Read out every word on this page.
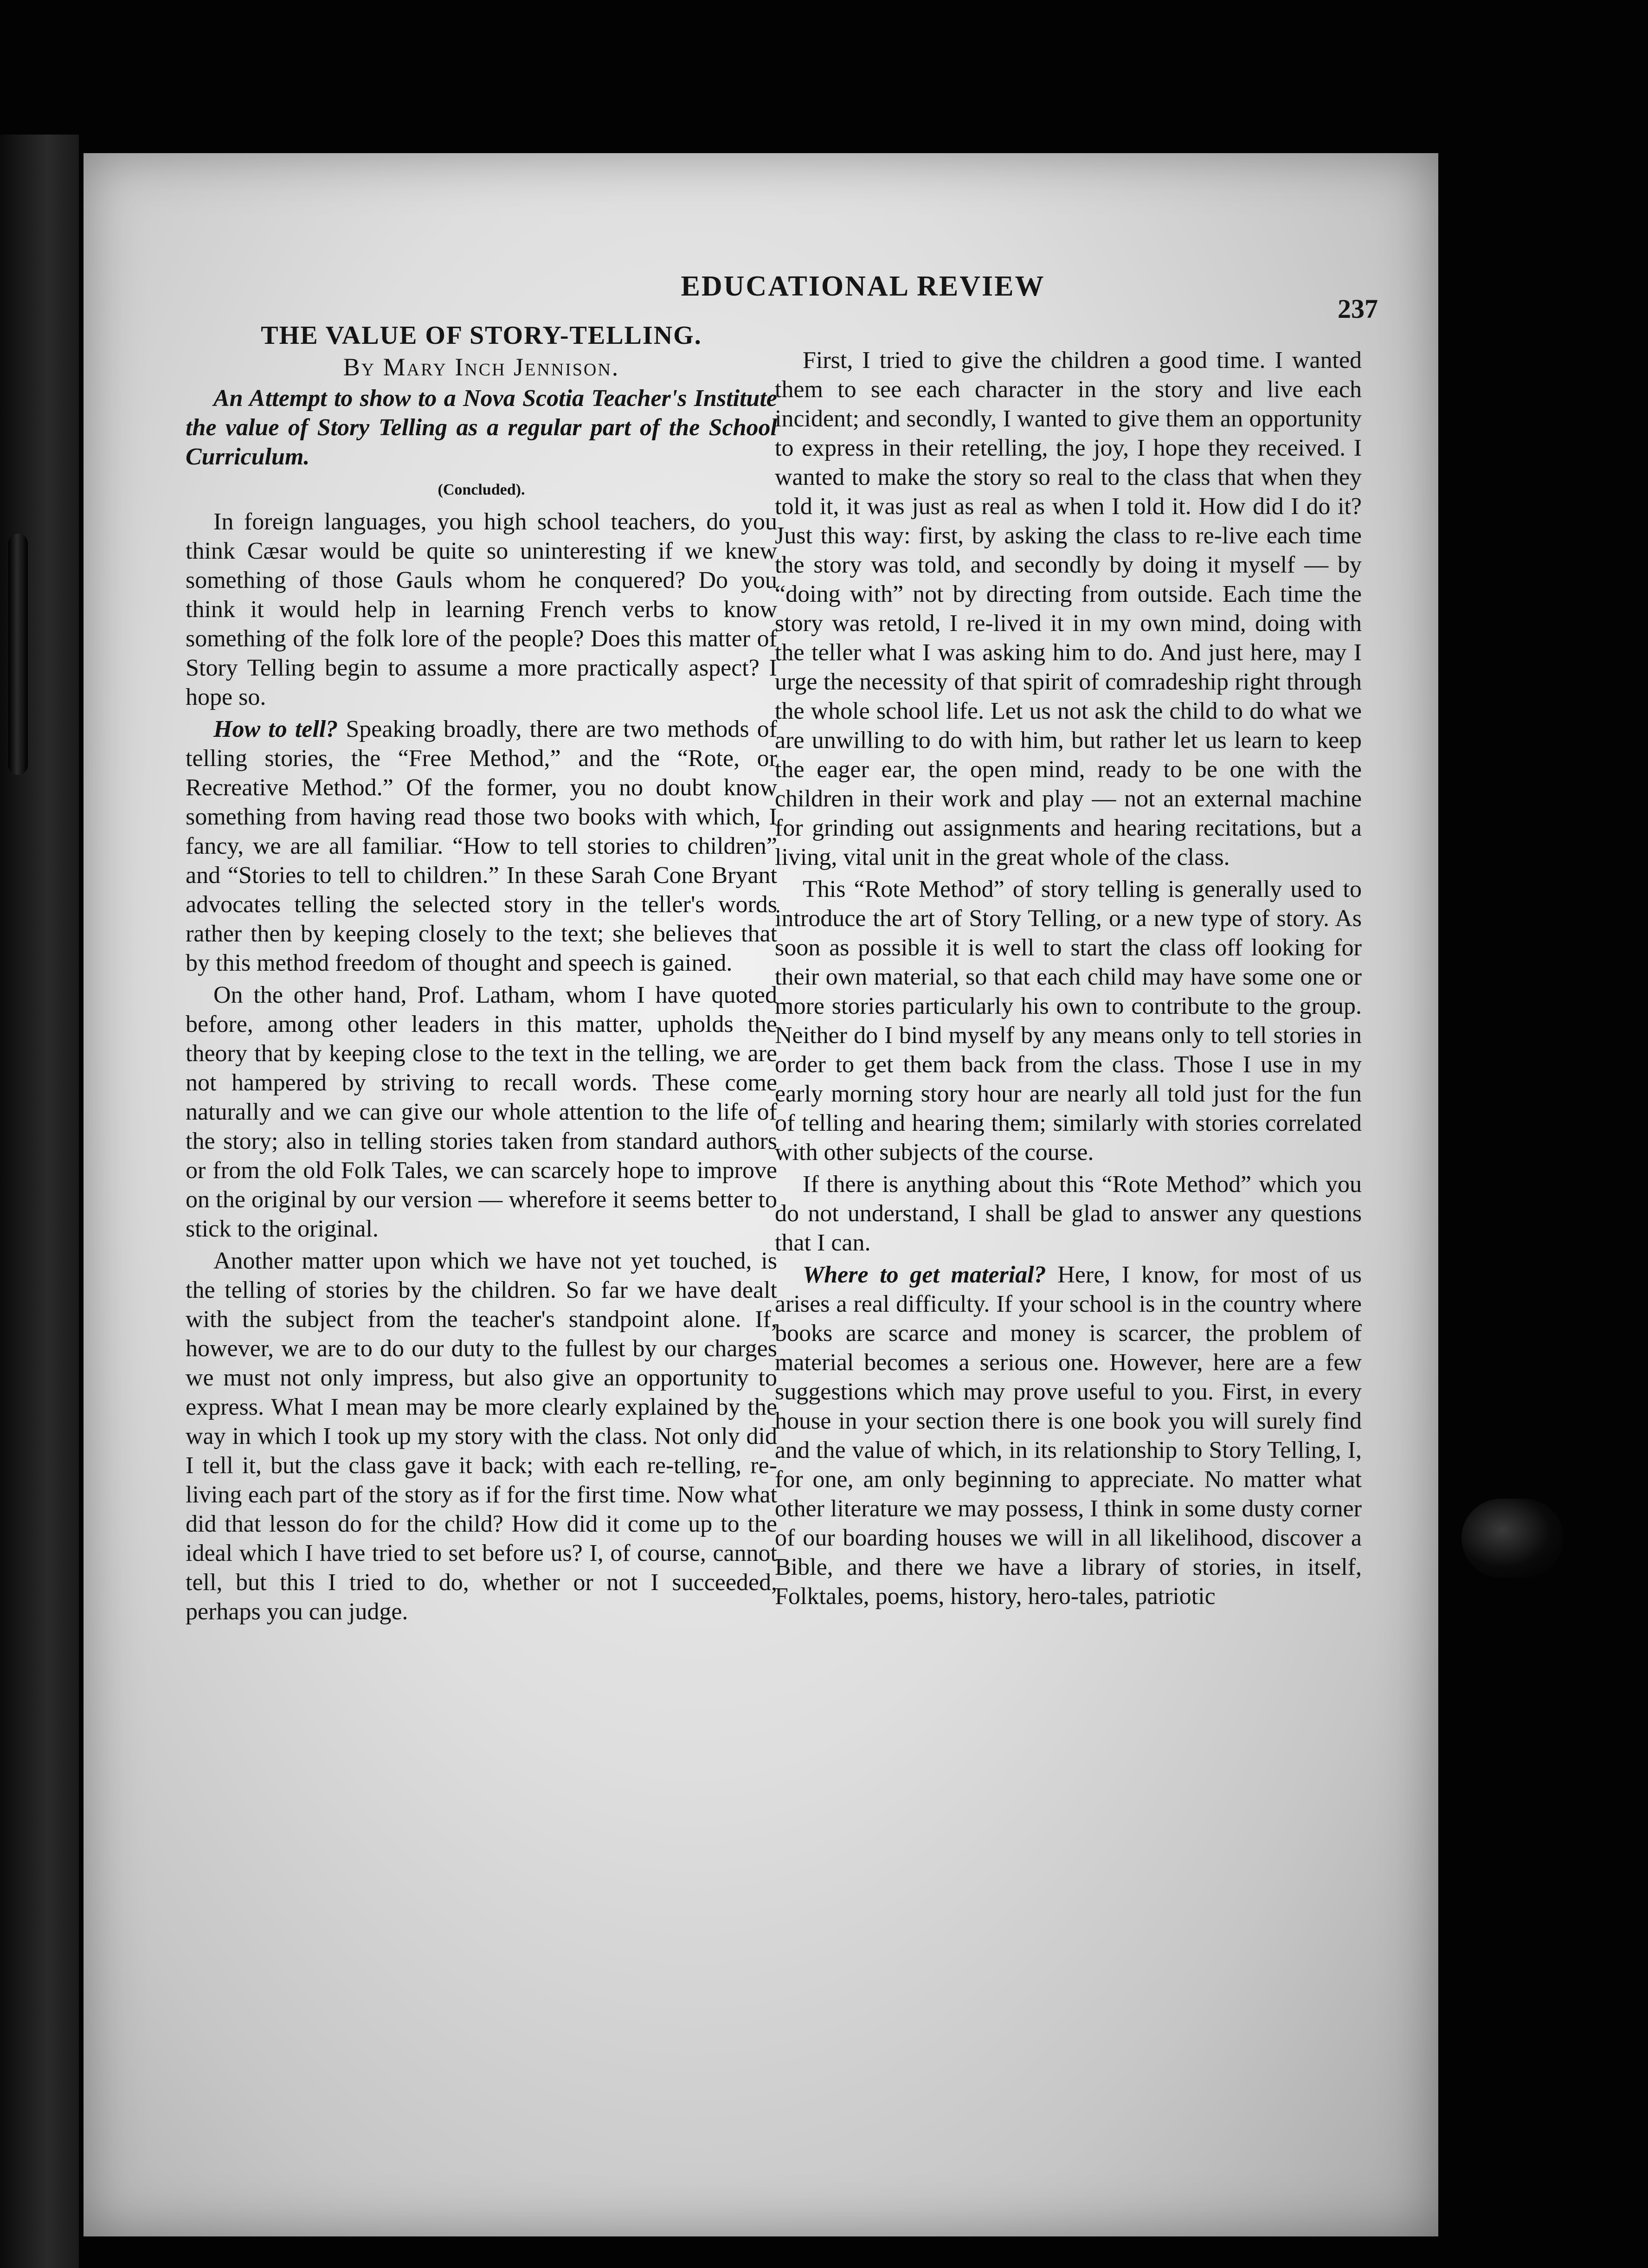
EDUCATIONAL REVIEW
237
THE VALUE OF STORY-TELLING.
By Mary Inch Jennison.

An Attempt to show to a Nova Scotia Teacher's Institute the value of Story Telling as a regular part of the School Curriculum.

(Concluded).

In foreign languages, you high school teachers, do you think Cæsar would be quite so uninteresting if we knew something of those Gauls whom he conquered? Do you think it would help in learning French verbs to know something of the folk lore of the people? Does this matter of Story Telling begin to assume a more practically aspect? I hope so.

How to tell? Speaking broadly, there are two methods of telling stories, the “Free Method,” and the “Rote, or Recreative Method.” Of the former, you no doubt know something from having read those two books with which, I fancy, we are all familiar. “How to tell stories to children” and “Stories to tell to children.” In these Sarah Cone Bryant advocates telling the selected story in the teller's words rather then by keeping closely to the text; she believes that by this method freedom of thought and speech is gained.

On the other hand, Prof. Latham, whom I have quoted before, among other leaders in this matter, upholds the theory that by keeping close to the text in the telling, we are not hampered by striving to recall words. These come naturally and we can give our whole attention to the life of the story; also in telling stories taken from standard authors or from the old Folk Tales, we can scarcely hope to improve on the original by our version — wherefore it seems better to stick to the original.

Another matter upon which we have not yet touched, is the telling of stories by the children. So far we have dealt with the subject from the teacher's standpoint alone. If, however, we are to do our duty to the fullest by our charges we must not only impress, but also give an opportunity to express. What I mean may be more clearly explained by the way in which I took up my story with the class. Not only did I tell it, but the class gave it back; with each re-telling, re-living each part of the story as if for the first time. Now what did that lesson do for the child? How did it come up to the ideal which I have tried to set before us? I, of course, cannot tell, but this I tried to do, whether or not I succeeded, perhaps you can judge.

First, I tried to give the children a good time. I wanted them to see each character in the story and live each incident; and secondly, I wanted to give them an opportunity to express in their retelling, the joy, I hope they received. I wanted to make the story so real to the class that when they told it, it was just as real as when I told it. How did I do it? Just this way: first, by asking the class to re-live each time the story was told, and secondly by doing it myself — by “doing with” not by directing from outside. Each time the story was retold, I re-lived it in my own mind, doing with the teller what I was asking him to do. And just here, may I urge the necessity of that spirit of comradeship right through the whole school life. Let us not ask the child to do what we are unwilling to do with him, but rather let us learn to keep the eager ear, the open mind, ready to be one with the children in their work and play — not an external machine for grinding out assignments and hearing recitations, but a living, vital unit in the great whole of the class.

This “Rote Method” of story telling is generally used to introduce the art of Story Telling, or a new type of story. As soon as possible it is well to start the class off looking for their own material, so that each child may have some one or more stories particularly his own to contribute to the group. Neither do I bind myself by any means only to tell stories in order to get them back from the class. Those I use in my early morning story hour are nearly all told just for the fun of telling and hearing them; similarly with stories correlated with other subjects of the course.

If there is anything about this “Rote Method” which you do not understand, I shall be glad to answer any questions that I can.

Where to get material? Here, I know, for most of us arises a real difficulty. If your school is in the country where books are scarce and money is scarcer, the problem of material becomes a serious one. However, here are a few suggestions which may prove useful to you. First, in every house in your section there is one book you will surely find and the value of which, in its relationship to Story Telling, I, for one, am only beginning to appreciate. No matter what other literature we may possess, I think in some dusty corner of our boarding houses we will in all likelihood, discover a Bible, and there we have a library of stories, in itself, Folktales, poems, history, hero-tales, patriotic
